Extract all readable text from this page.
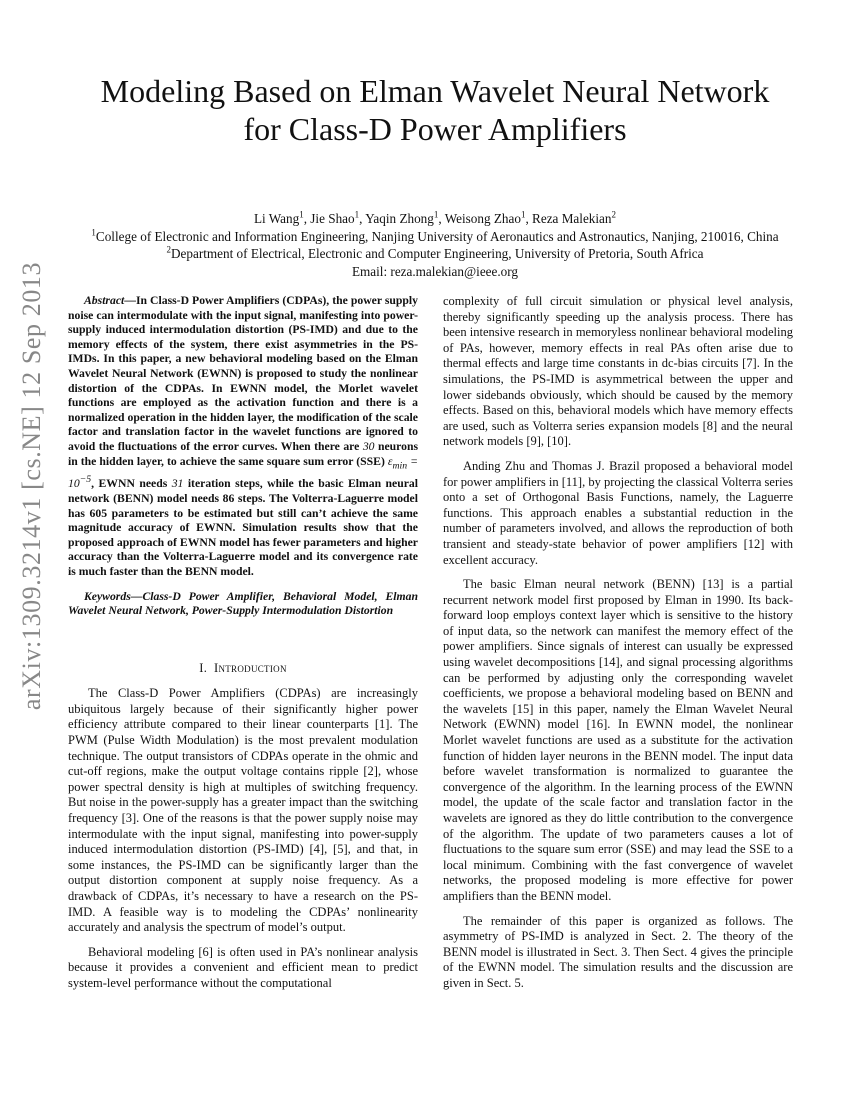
arXiv:1309.3214v1 [cs.NE] 12 Sep 2013
Modeling Based on Elman Wavelet Neural Network
for Class-D Power Amplifiers
Li Wang$^1$, Jie Shao$^1$, Yaqin Zhong$^1$, Weisong Zhao$^1$, Reza Malekian$^2$
$^1$College of Electronic and Information Engineering, Nanjing University of Aeronautics and Astronautics, Nanjing, 210016, China
$^2$Department of Electrical, Electronic and Computer Engineering, University of Pretoria, South Africa
Email: reza.malekian@ieee.org

Abstract—In Class-D Power Amplifiers (CDPAs), the power supply noise can intermodulate with the input signal, manifesting into power-supply induced intermodulation distortion (PS-IMD) and due to the memory effects of the system, there exist asymmetries in the PS-IMDs. In this paper, a new behavioral modeling based on the Elman Wavelet Neural Network (EWNN) is proposed to study the nonlinear distortion of the CDPAs. In EWNN model, the Morlet wavelet functions are employed as the activation function and there is a normalized operation in the hidden layer, the modification of the scale factor and translation factor in the wavelet functions are ignored to avoid the fluctuations of the error curves. When there are 30 neurons in the hidden layer, to achieve the same square sum error (SSE) $\varepsilon_{min} = 10^{-5}$, EWNN needs 31 iteration steps, while the basic Elman neural network (BENN) model needs 86 steps. The Volterra-Laguerre model has 605 parameters to be estimated but still can’t achieve the same magnitude accuracy of EWNN. Simulation results show that the proposed approach of EWNN model has fewer parameters and higher accuracy than the Volterra-Laguerre model and its convergence rate is much faster than the BENN model.

Keywords—Class-D Power Amplifier, Behavioral Model, Elman Wavelet Neural Network, Power-Supply Intermodulation Distortion

I. Introduction

The Class-D Power Amplifiers (CDPAs) are increasingly ubiquitous largely because of their significantly higher power efficiency attribute compared to their linear counterparts [1]. The PWM (Pulse Width Modulation) is the most prevalent modulation technique. The output transistors of CDPAs operate in the ohmic and cut-off regions, make the output voltage contains ripple [2], whose power spectral density is high at multiples of switching frequency. But noise in the power-supply has a greater impact than the switching frequency [3]. One of the reasons is that the power supply noise may intermodulate with the input signal, manifesting into power-supply induced intermodulation distortion (PS-IMD) [4], [5], and that, in some instances, the PS-IMD can be significantly larger than the output distortion component at supply noise frequency. As a drawback of CDPAs, it’s necessary to have a research on the PS-IMD. A feasible way is to modeling the CDPAs’ nonlinearity accurately and analysis the spectrum of model’s output.

Behavioral modeling [6] is often used in PA’s nonlinear analysis because it provides a convenient and efficient mean to predict system-level performance without the computational

complexity of full circuit simulation or physical level analysis, thereby significantly speeding up the analysis process. There has been intensive research in memoryless nonlinear behavioral modeling of PAs, however, memory effects in real PAs often arise due to thermal effects and large time constants in dc-bias circuits [7]. In the simulations, the PS-IMD is asymmetrical between the upper and lower sidebands obviously, which should be caused by the memory effects. Based on this, behavioral models which have memory effects are used, such as Volterra series expansion models [8] and the neural network models [9], [10].

Anding Zhu and Thomas J. Brazil proposed a behavioral model for power amplifiers in [11], by projecting the classical Volterra series onto a set of Orthogonal Basis Functions, namely, the Laguerre functions. This approach enables a substantial reduction in the number of parameters involved, and allows the reproduction of both transient and steady-state behavior of power amplifiers [12] with excellent accuracy.

The basic Elman neural network (BENN) [13] is a partial recurrent network model first proposed by Elman in 1990. Its back-forward loop employs context layer which is sensitive to the history of input data, so the network can manifest the memory effect of the power amplifiers. Since signals of interest can usually be expressed using wavelet decompositions [14], and signal processing algorithms can be performed by adjusting only the corresponding wavelet coefficients, we propose a behavioral modeling based on BENN and the wavelets [15] in this paper, namely the Elman Wavelet Neural Network (EWNN) model [16]. In EWNN model, the nonlinear Morlet wavelet functions are used as a substitute for the activation function of hidden layer neurons in the BENN model. The input data before wavelet transformation is normalized to guarantee the convergence of the algorithm. In the learning process of the EWNN model, the update of the scale factor and translation factor in the wavelets are ignored as they do little contribution to the convergence of the algorithm. The update of two parameters causes a lot of fluctuations to the square sum error (SSE) and may lead the SSE to a local minimum. Combining with the fast convergence of wavelet networks, the proposed modeling is more effective for power amplifiers than the BENN model.

The remainder of this paper is organized as follows. The asymmetry of PS-IMD is analyzed in Sect. 2. The theory of the BENN model is illustrated in Sect. 3. Then Sect. 4 gives the principle of the EWNN model. The simulation results and the discussion are given in Sect. 5.
